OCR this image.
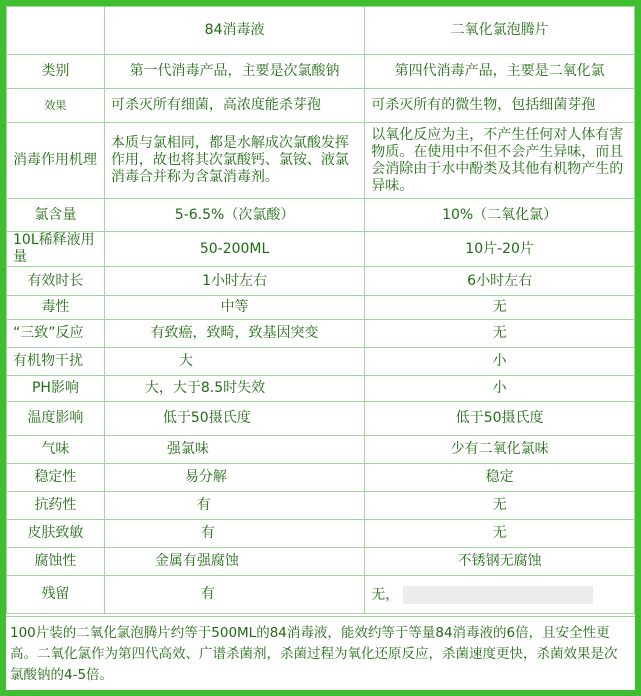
	84消毒液	二氧化氯泡腾片
类别	第一代消毒产品，主要是次氯酸钠	第四代消毒产品，主要是二氧化氯
效果	可杀灭所有细菌，高浓度能杀芽孢	可杀灭所有的微生物，包括细菌芽孢
消毒作用机理	本质与氯相同，都是水解成次氯酸发挥作用，故也将其次氯酸钙、氯铵、液氯消毒合并称为含氯消毒剂。	以氧化反应为主，不产生任何对人体有害物质。在使用中不但不会产生异味，而且会消除由于水中酚类及其他有机物产生的异味。
氯含量	5-6.5%（次氯酸）	10%（二氧化氯）
10L稀释液用量	50-200ML	10片-20片
有效时长	1小时左右	6小时左右
毒性	中等	无
“三致”反应	有致癌，致畸，致基因突变	无
有机物干扰	大	小
PH影响	大，大于8.5时失效	小
温度影响	低于50摄氏度	低于50摄氏度
气味	强氯味	少有二氧化氯味
稳定性	易分解	稳定
抗药性	有	无
皮肤致敏	有	无
腐蚀性	金属有强腐蚀	不锈钢无腐蚀
残留	有	无，
100片装的二氧化氯泡腾片约等于500ML的84消毒液，能效约等于等量84消毒液的6倍，且安全性更高。二氧化氯作为第四代高效、广谱杀菌剂，杀菌过程为氧化还原反应，杀菌速度更快，杀菌效果是次氯酸钠的4-5倍。
